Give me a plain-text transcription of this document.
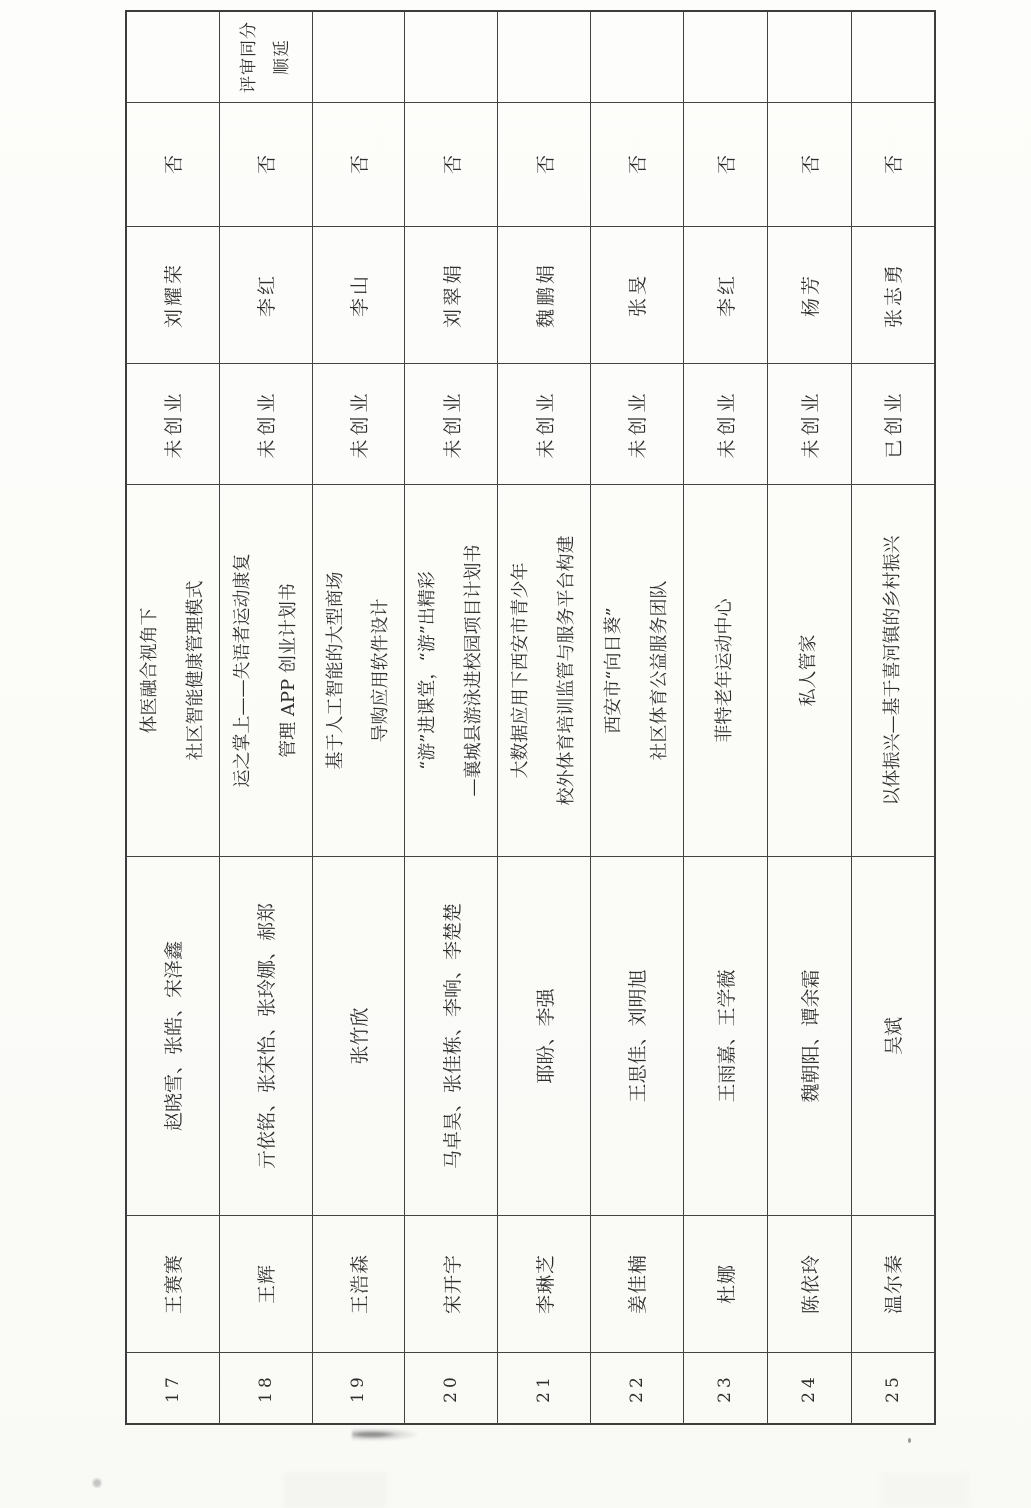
17	王赛赛	赵晓雪、张皓、宋泽鑫	体医融合视角下 社区智能健康管理模式	未创业	刘耀荣	否	
18	王辉	亓依铭、张宋怡、张玲娜、郝郑	运之掌上——失语者运动康复 管理 APP 创业计划书	未创业	李红	否	评审同分顺延
19	王浩森	张竹欣	基于人工智能的大型商场 导购应用软件设计	未创业	李山	否	
20	宋开宇	马卓昊、张佳栋、李响、李楚楚	“游”进课堂，“游”出精彩 —襄城县游泳进校园项目计划书	未创业	刘翠娟	否	
21	李琳芝	耶盼、李强	大数据应用下西安市青少年 校外体育培训监管与服务平台构建	未创业	魏鹏娟	否	
22	姜佳楠	王思佳、刘明旭	西安市“向日葵” 社区体育公益服务团队	未创业	张旻	否	
23	杜娜	王雨嘉、王学薇	菲特老年运动中心	未创业	李红	否	
24	陈依玲	魏朝阳、谭余霜	私人管家	未创业	杨芳	否	
25	温尔秦	吴斌	以体振兴—基于喜河镇的乡村振兴	已创业	张志勇	否	
